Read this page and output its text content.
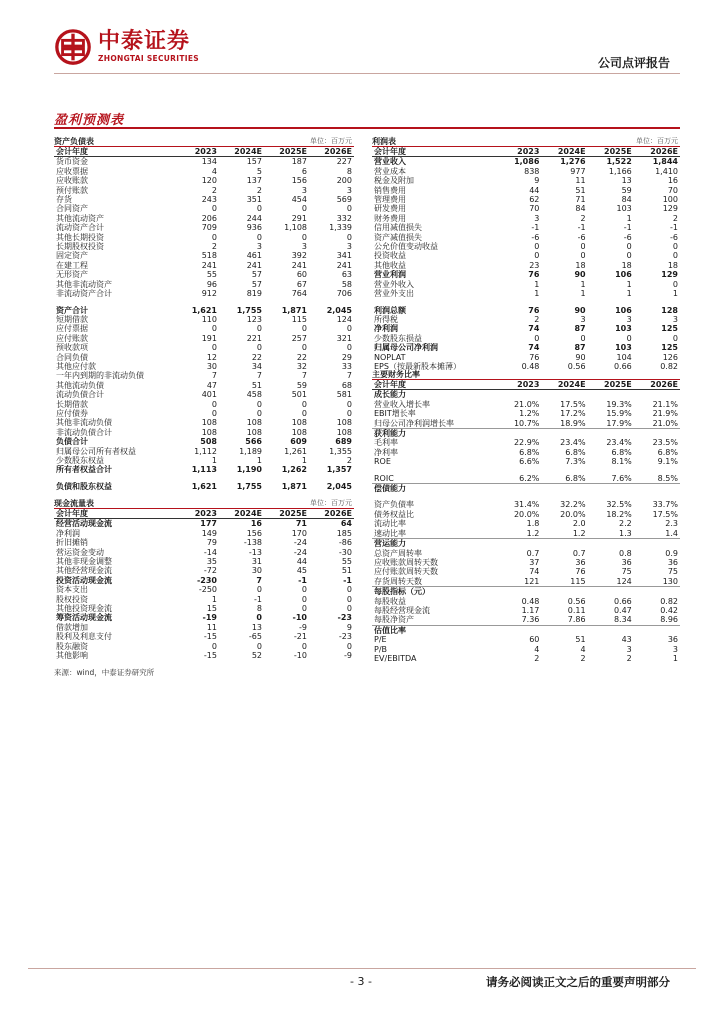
中泰证券
ZHONGTAI SECURITIES	公司点评报告
盈利预测表
资产负债表	单位：百万元
会计年度	2023	2024E	2025E	2026E
货币资金	134	157	187	227
应收票据	4	5	6	8
应收账款	120	137	156	200
预付账款	2	2	3	3
存货	243	351	454	569
合同资产	0	0	0	0
其他流动资产	206	244	291	332
流动资产合计	709	936	1,108	1,339
其他长期投资	0	0	0	0
长期股权投资	2	3	3	3
固定资产	518	461	392	341
在建工程	241	241	241	241
无形资产	55	57	60	63
其他非流动资产	96	57	67	58
非流动资产合计	912	819	764	706

资产合计	1,621	1,755	1,871	2,045
短期借款	110	123	115	124
应付票据	0	0	0	0
应付账款	191	221	257	321
预收款项	0	0	0	0
合同负债	12	22	22	29
其他应付款	30	34	32	33
一年内到期的非流动负债	7	7	7	7
其他流动负债	47	51	59	68
流动负债合计	401	458	501	581
长期借款	0	0	0	0
应付债券	0	0	0	0
其他非流动负债	108	108	108	108
非流动负债合计	108	108	108	108
负债合计	508	566	609	689
归属母公司所有者权益	1,112	1,189	1,261	1,355
少数股东权益	1	1	1	2
所有者权益合计	1,113	1,190	1,262	1,357

负债和股东权益	1,621	1,755	1,871	2,045
利润表	单位：百万元
会计年度	2023	2024E	2025E	2026E
营业收入	1,086	1,276	1,522	1,844
营业成本	838	977	1,166	1,410
税金及附加	9	11	13	16
销售费用	44	51	59	70
管理费用	62	71	84	100
研发费用	70	84	103	129
财务费用	3	2	1	2
信用减值损失	-1	-1	-1	-1
资产减值损失	-6	-6	-6	-6
公允价值变动收益	0	0	0	0
投资收益	0	0	0	0
其他收益	23	18	18	18
营业利润	76	90	106	129
营业外收入	1	1	1	0
营业外支出	1	1	1	1

利润总额	76	90	106	128
所得税	2	3	3	3
净利润	74	87	103	125
少数股东损益	0	0	0	0
归属母公司净利润	74	87	103	125
NOPLAT	76	90	104	126
EPS（按最新股本摊薄）	0.48	0.56	0.66	0.82
主要财务比率
会计年度	2023	2024E	2025E	2026E
成长能力				
营业收入增长率	21.0%	17.5%	19.3%	21.1%
EBIT增长率	1.2%	17.2%	15.9%	21.9%
归母公司净利润增长率	10.7%	18.9%	17.9%	21.0%
获利能力				
毛利率	22.9%	23.4%	23.4%	23.5%
净利率	6.8%	6.8%	6.8%	6.8%
ROE	6.6%	7.3%	8.1%	9.1%

ROIC	6.2%	6.8%	7.6%	8.5%
偿债能力				

资产负债率	31.4%	32.2%	32.5%	33.7%
债务权益比	20.0%	20.0%	18.2%	17.5%
流动比率	1.8	2.0	2.2	2.3
速动比率	1.2	1.2	1.3	1.4
营运能力				
总资产周转率	0.7	0.7	0.8	0.9
应收账款周转天数	37	36	36	36
应付账款周转天数	74	76	75	75
存货周转天数	121	115	124	130
每股指标（元）				
每股收益	0.48	0.56	0.66	0.82
每股经营现金流	1.17	0.11	0.47	0.42
每股净资产	7.36	7.86	8.34	8.96
估值比率				
P/E	60	51	43	36
P/B	4	4	3	3
EV/EBITDA	2	2	2	1
现金流量表	单位：百万元
会计年度	2023	2024E	2025E	2026E
经营活动现金流	177	16	71	64
净利润	149	156	170	185
折旧摊销	79	-138	-24	-86
营运资金变动	-14	-13	-24	-30
其他非现金调整	35	31	44	55
其他经营现金流	-72	30	45	51
投资活动现金流	-230	7	-1	-1
资本支出	-250	0	0	0
股权投资	1	-1	0	0
其他投资现金流	15	8	0	0
筹资活动现金流	-19	0	-10	-23
借款增加	11	13	-9	9
股利及利息支付	-15	-65	-21	-23
股东融资	0	0	0	0
其他影响	-15	52	-10	-9
来源：wind，中泰证券研究所
- 3 -	请务必阅读正文之后的重要声明部分
